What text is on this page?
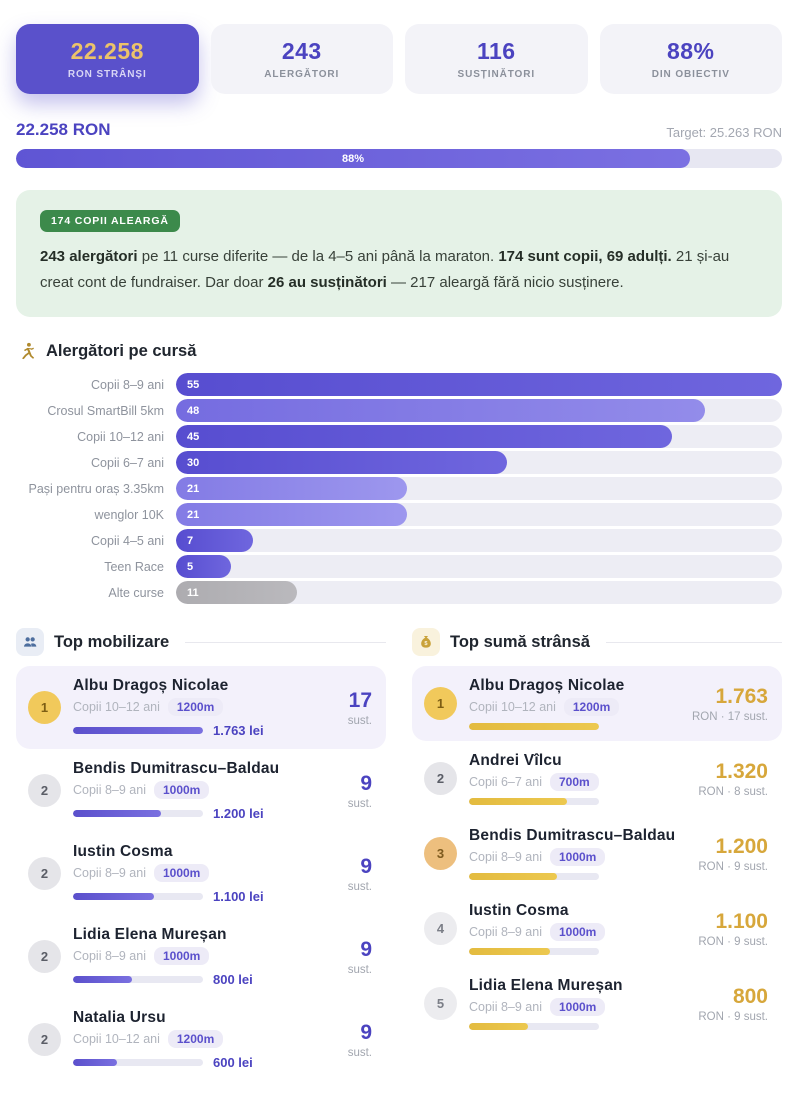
22.258
RON STRÂNȘI
243
ALERGĂTORI
116
SUSȚINĂTORI
88%
DIN OBIECTIV
22.258 RON	Target: 25.263 RON
88%
174 COPII ALEARGĂ
243 alergători pe 11 curse diferite — de la 4–5 ani până la maraton. 174 sunt copii, 69 adulți. 21 și-au creat cont de fundraiser. Dar doar 26 au susținători — 217 aleargă fără nicio susținere.
Alergători pe cursă
Copii 8–9 ani	55
Crosul SmartBill 5km	48
Copii 10–12 ani	45
Copii 6–7 ani	30
Pași pentru oraș 3.35km	21
wenglor 10K	21
Copii 4–5 ani	7
Teen Race	5
Alte curse	11
Top mobilizare
1
Albu Dragoș Nicolae
Copii 10–12 ani	1200m
1.763 lei
17
sust.
2
Bendis Dumitrascu–Baldau
Copii 8–9 ani	1000m
1.200 lei
9
sust.
2
Iustin Cosma
Copii 8–9 ani	1000m
1.100 lei
9
sust.
2
Lidia Elena Mureșan
Copii 8–9 ani	1000m
800 lei
9
sust.
2
Natalia Ursu
Copii 10–12 ani	1200m
600 lei
9
sust.
$ Top sumă strânsă
1
Albu Dragoș Nicolae
Copii 10–12 ani	1200m	1.763
RON · 17 sust.
2
Andrei Vîlcu
Copii 6–7 ani	700m	1.320
RON · 8 sust.
3
Bendis Dumitrascu–Baldau
Copii 8–9 ani	1000m	1.200
RON · 9 sust.
4
Iustin Cosma
Copii 8–9 ani	1000m	1.100
RON · 9 sust.
5
Lidia Elena Mureșan
Copii 8–9 ani	1000m	800
RON · 9 sust.
